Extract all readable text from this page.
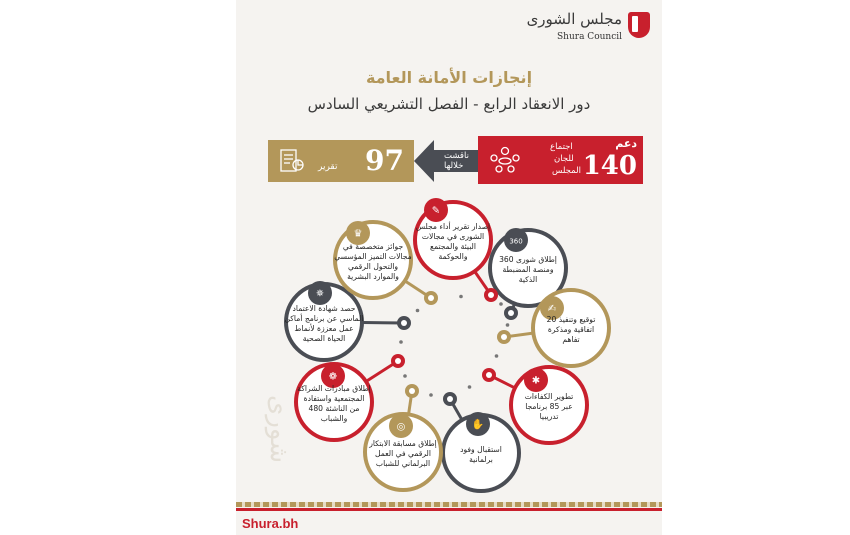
مجلس الشورى
Shura Council
إنجازات الأمانة العامة
دور الانعقاد الرابع - الفصل التشريعي السادس
دعم
140
اجتماع
للجان
المجلس
ناقشت
خلالها
تقرير 97
✎
360
✍
✱
✋
◎
❁
✵
♛
إصدار تقرير أداء مجلس
الشورى في مجالات
البيئة والمجتمع
والحوكمة	إطلاق شورى 360
ومنصة المضبطة
الذكية
توقيع وتنفيذ 20
اتفاقية ومذكرة
تفاهم
تطوير الكفاءات
عبر 85 برنامجا
تدريبيا
استقبال وفود
برلمانية
إطلاق مسابقة الابتكار
الرقمي في العمل
البرلماني للشباب
إطلاق مبادرات الشراكة
المجتمعية واستفادة
480 من الناشئة
والشباب
حصد شهادة الاعتماد
الماسي عن برنامج أماكن
عمل معززة لأنماط
الحياة الصحية
جوائز متخصصة في
مجالات التميز المؤسسي
والتحول الرقمي
والموارد البشرية
شورى
Shura.bh
